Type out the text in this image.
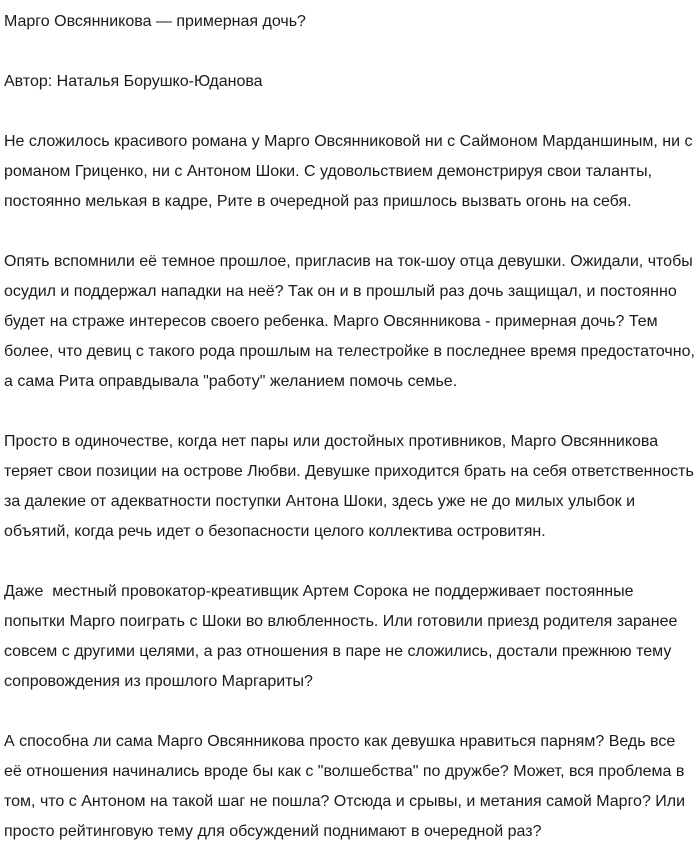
Марго Овсянникова — примерная дочь?
Автор: Наталья Борушко-Юданова

Не сложилось красивого романа у Марго Овсянниковой ни с Саймоном Марданшиным, ни с романом Гриценко, ни с Антоном Шоки. С удовольствием демонстрируя свои таланты, постоянно мелькая в кадре, Рите в очередной раз пришлось вызвать огонь на себя.

Опять вспомнили её темное прошлое, пригласив на ток-шоу отца девушки. Ожидали, чтобы осудил и поддержал нападки на неё? Так он и в прошлый раз дочь защищал, и постоянно будет на страже интересов своего ребенка. Марго Овсянникова - примерная дочь? Тем более, что девиц с такого рода прошлым на телестройке в последнее время предостаточно, а сама Рита оправдывала "работу" желанием помочь семье.

Просто в одиночестве, когда нет пары или достойных противников, Марго Овсянникова теряет свои позиции на острове Любви. Девушке приходится брать на себя ответственность за далекие от адекватности поступки Антона Шоки, здесь уже не до милых улыбок и объятий, когда речь идет о безопасности целого коллектива островитян.

Даже  местный провокатор-креативщик Артем Сорока не поддерживает постоянные попытки Марго поиграть с Шоки во влюбленность. Или готовили приезд родителя заранее совсем с другими целями, а раз отношения в паре не сложились, достали прежнюю тему сопровождения из прошлого Маргариты?

А способна ли сама Марго Овсянникова просто как девушка нравиться парням? Ведь все её отношения начинались вроде бы как с "волшебства" по дружбе? Может, вся проблема в том, что с Антоном на такой шаг не пошла? Отсюда и срывы, и метания самой Марго? Или просто рейтинговую тему для обсуждений поднимают в очередной раз?
